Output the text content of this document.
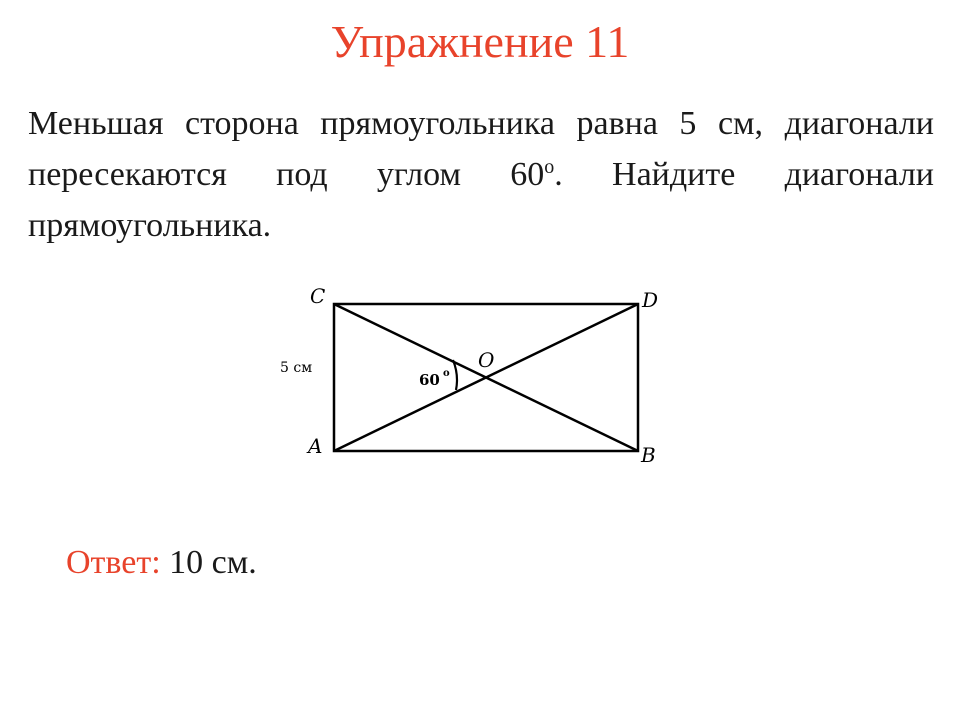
Упражнение 11
Меньшая сторона прямоугольника равна 5 см, диагонали пересекаются под углом $60^о$. Найдите диагонали прямоугольника.
C	D
A	B
O
5 см
60 o
Ответ: 10 см.
